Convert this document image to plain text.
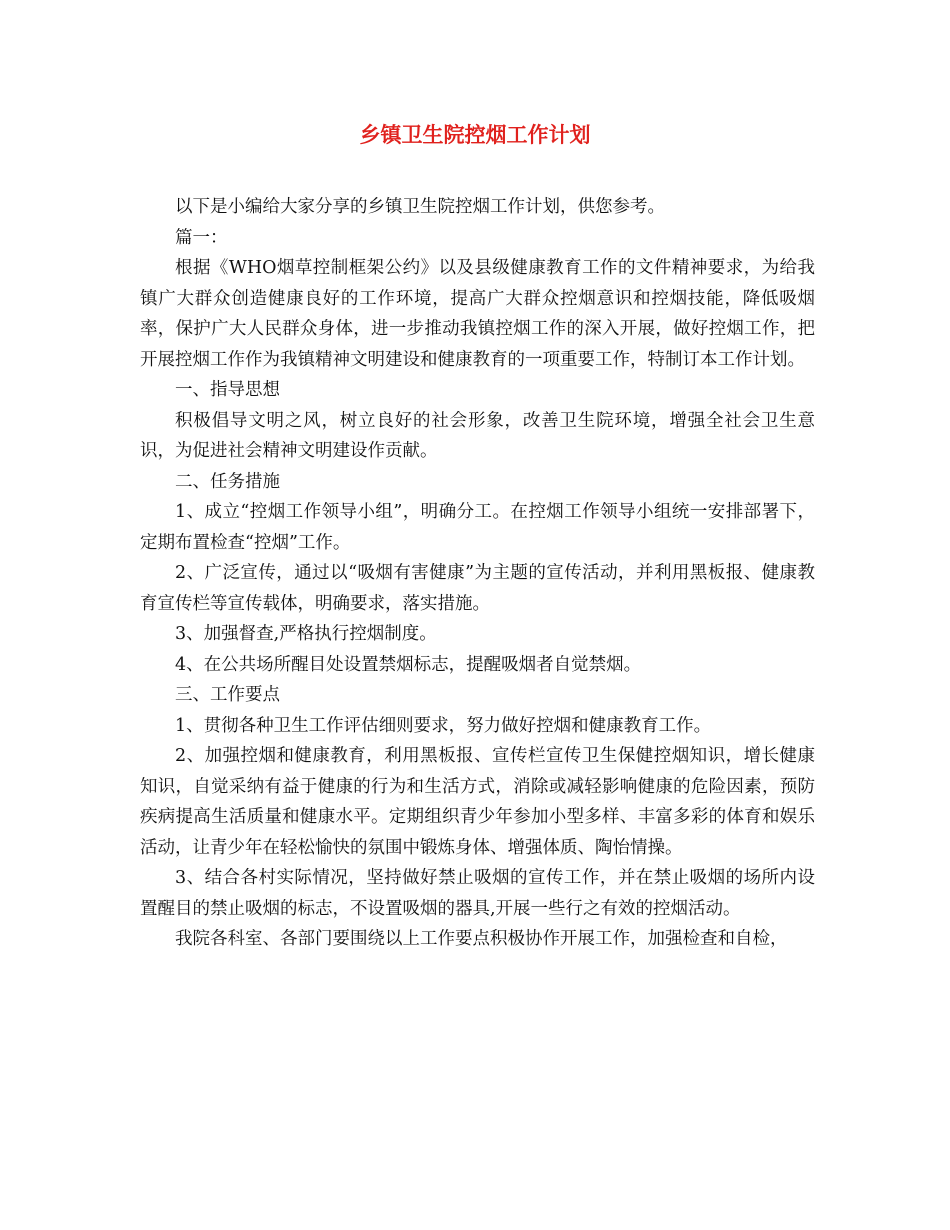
乡镇卫生院控烟工作计划

以下是小编给大家分享的乡镇卫生院控烟工作计划，供您参考。

篇一：

根据《WHO烟草控制框架公约》以及县级健康教育工作的文件精神要求，为给我镇广大群众创造健康良好的工作环境，提高广大群众控烟意识和控烟技能，降低吸烟率，保护广大人民群众身体，进一步推动我镇控烟工作的深入开展，做好控烟工作，把开展控烟工作作为我镇精神文明建设和健康教育的一项重要工作，特制订本工作计划。

一、指导思想

积极倡导文明之风，树立良好的社会形象，改善卫生院环境，增强全社会卫生意识，为促进社会精神文明建设作贡献。

二、任务措施

1、成立“控烟工作领导小组”，明确分工。在控烟工作领导小组统一安排部署下，定期布置检查“控烟”工作。

2、广泛宣传，通过以“吸烟有害健康”为主题的宣传活动，并利用黑板报、健康教育宣传栏等宣传载体，明确要求，落实措施。

3、加强督查,严格执行控烟制度。

4、在公共场所醒目处设置禁烟标志，提醒吸烟者自觉禁烟。

三、工作要点

1、贯彻各种卫生工作评估细则要求，努力做好控烟和健康教育工作。

2、加强控烟和健康教育，利用黑板报、宣传栏宣传卫生保健控烟知识，增长健康知识，自觉采纳有益于健康的行为和生活方式，消除或减轻影响健康的危险因素，预防疾病提高生活质量和健康水平。定期组织青少年参加小型多样、丰富多彩的体育和娱乐活动，让青少年在轻松愉快的氛围中锻炼身体、增强体质、陶怡情操。

3、结合各村实际情况，坚持做好禁止吸烟的宣传工作，并在禁止吸烟的场所内设置醒目的禁止吸烟的标志，不设置吸烟的器具,开展一些行之有效的控烟活动。

我院各科室、各部门要围绕以上工作要点积极协作开展工作，加强检查和自检，
